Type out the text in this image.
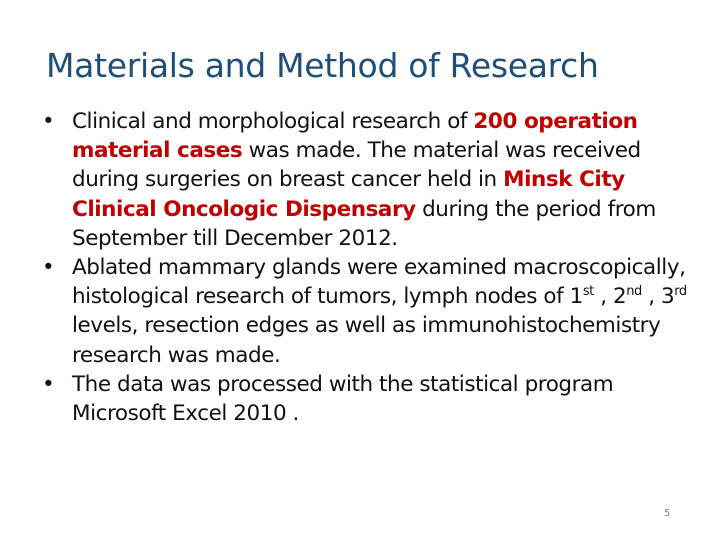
Materials and Method of Research
• Clinical and morphological research of 200 operation material cases was made. The material was received during surgeries on breast cancer held in Minsk City Clinical Oncologic Dispensary during the period from September till December 2012.
• Ablated mammary glands were examined macroscopically, histological research of tumors, lymph nodes of 1st , 2nd , 3rd levels, resection edges as well as immunohistochemistry research was made.
• The data was processed with the statistical program Microsoft Excel 2010 .
5
